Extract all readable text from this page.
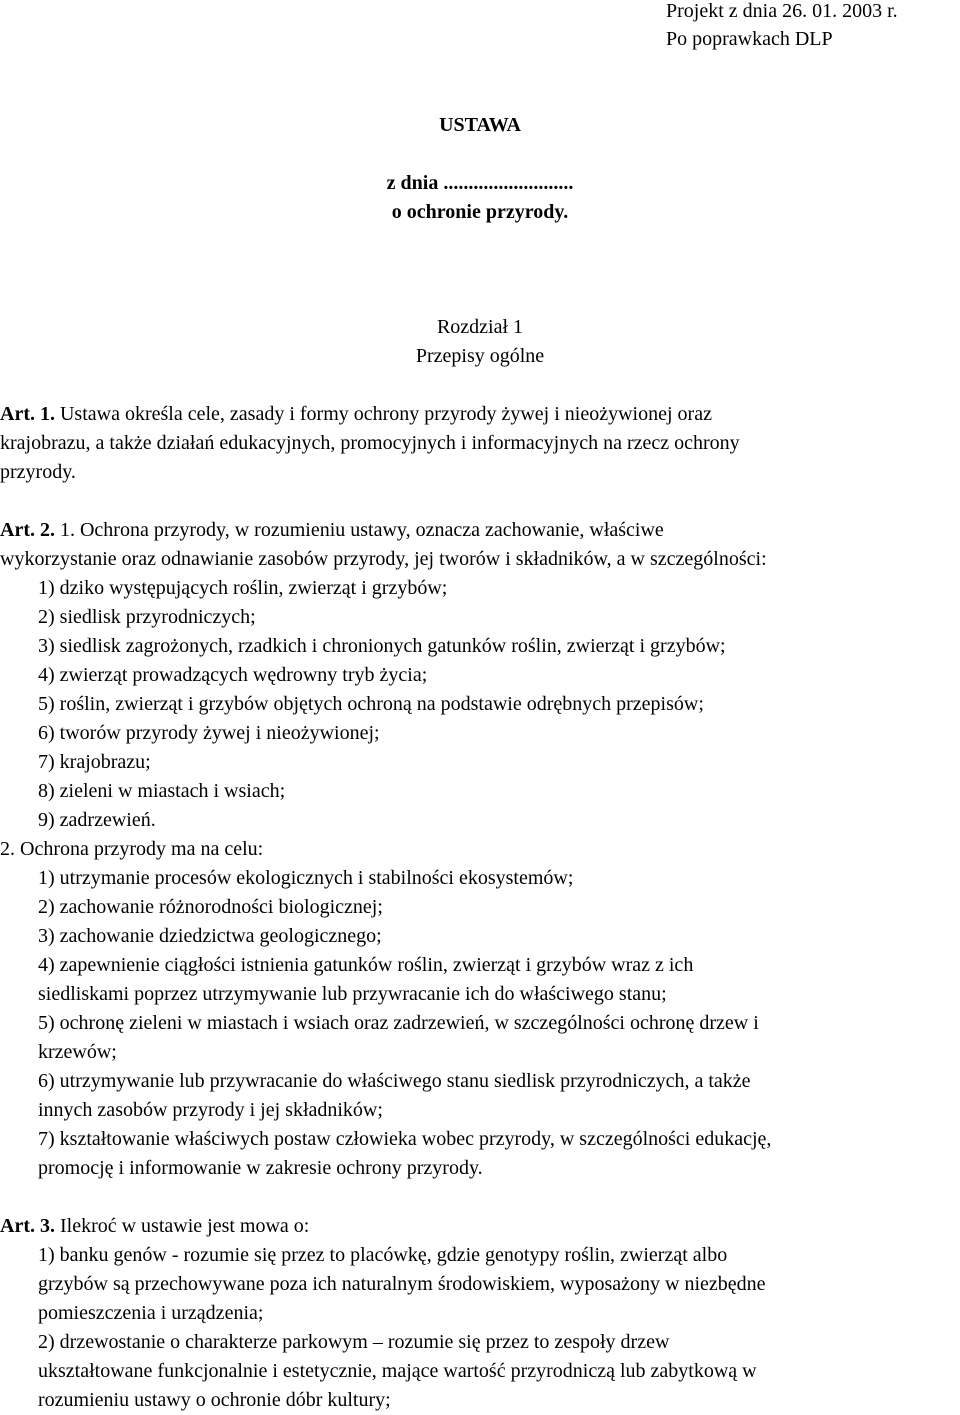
Projekt z dnia 26. 01. 2003 r.
Po poprawkach DLP
USTAWA
z dnia ..........................
o ochronie przyrody.
Rozdział 1
Przepisy ogólne
Art. 1. Ustawa określa cele, zasady i formy ochrony przyrody żywej i nieożywionej oraz
krajobrazu, a także działań edukacyjnych, promocyjnych i informacyjnych na rzecz ochrony
przyrody.
Art. 2. 1. Ochrona przyrody, w rozumieniu ustawy, oznacza zachowanie, właściwe
wykorzystanie oraz odnawianie zasobów przyrody, jej tworów i składników, a w szczególności:
1) dziko występujących roślin, zwierząt i grzybów;
2) siedlisk przyrodniczych;
3) siedlisk zagrożonych, rzadkich i chronionych gatunków roślin, zwierząt i grzybów;
4) zwierząt prowadzących wędrowny tryb życia;
5) roślin, zwierząt i grzybów objętych ochroną na podstawie odrębnych przepisów;
6) tworów przyrody żywej i nieożywionej;
7) krajobrazu;
8) zieleni w miastach i wsiach;
9) zadrzewień.
2. Ochrona przyrody ma na celu:
1) utrzymanie procesów ekologicznych i stabilności ekosystemów;
2) zachowanie różnorodności biologicznej;
3) zachowanie dziedzictwa geologicznego;
4) zapewnienie ciągłości istnienia gatunków roślin, zwierząt i grzybów wraz z ich
siedliskami poprzez utrzymywanie lub przywracanie ich do właściwego stanu;
5) ochronę zieleni w miastach i wsiach oraz zadrzewień, w szczególności ochronę drzew i
krzewów;
6) utrzymywanie lub przywracanie do właściwego stanu siedlisk przyrodniczych, a także
innych zasobów przyrody i jej składników;
7) kształtowanie właściwych postaw człowieka wobec przyrody, w szczególności edukację,
promocję i informowanie w zakresie ochrony przyrody.
Art. 3. Ilekroć w ustawie jest mowa o:
1) banku genów - rozumie się przez to placówkę, gdzie genotypy roślin, zwierząt albo
grzybów są przechowywane poza ich naturalnym środowiskiem, wyposażony w niezbędne
pomieszczenia i urządzenia;
2) drzewostanie o charakterze parkowym – rozumie się przez to zespoły drzew
ukształtowane funkcjonalnie i estetycznie, mające wartość przyrodniczą lub zabytkową w
rozumieniu ustawy o ochronie dóbr kultury;
